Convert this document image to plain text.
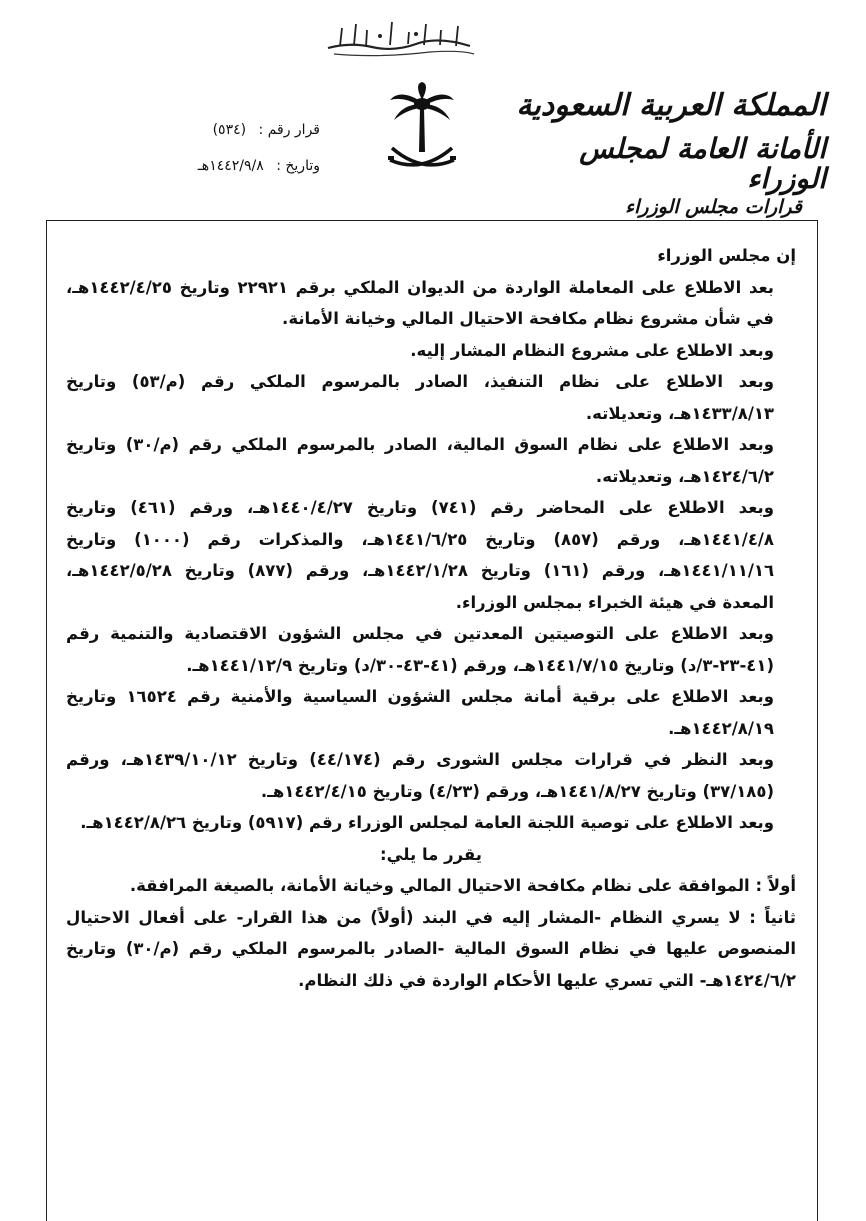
المملكة العربية السعودية
الأمانة العامة لمجلس الوزراء
قرار رقم : (٥٣٤)
وتاريخ : ١٤٤٢/٩/٨هـ
قرارات مجلس الوزراء

إن مجلس الوزراء

بعد الاطلاع على المعاملة الواردة من الديوان الملكي برقم ٢٢٩٢١ وتاريخ ١٤٤٢/٤/٢٥هـ، في شأن مشروع نظام مكافحة الاحتيال المالي وخيانة الأمانة.

وبعد الاطلاع على مشروع النظام المشار إليه.

وبعد الاطلاع على نظام التنفيذ، الصادر بالمرسوم الملكي رقم (م/٥٣) وتاريخ ١٤٣٣/٨/١٣هـ، وتعديلاته.

وبعد الاطلاع على نظام السوق المالية، الصادر بالمرسوم الملكي رقم (م/٣٠) وتاريخ ١٤٢٤/٦/٢هـ، وتعديلاته.

وبعد الاطلاع على المحاضر رقم (٧٤١) وتاريخ ١٤٤٠/٤/٢٧هـ، ورقم (٤٦١) وتاريخ ١٤٤١/٤/٨هـ، ورقم (٨٥٧) وتاريخ ١٤٤١/٦/٢٥هـ، والمذكرات رقم (١٠٠٠) وتاريخ ١٤٤١/١١/١٦هـ، ورقم (١٦١) وتاريخ ١٤٤٢/١/٢٨هـ، ورقم (٨٧٧) وتاريخ ١٤٤٢/٥/٢٨هـ، المعدة في هيئة الخبراء بمجلس الوزراء.

وبعد الاطلاع على التوصيتين المعدتين في مجلس الشؤون الاقتصادية والتنمية رقم (٤١-٢٣-٣/د) وتاريخ ١٤٤١/٧/١٥هـ، ورقم (٤١-٤٣-٣٠/د) وتاريخ ١٤٤١/١٢/٩هـ.

وبعد الاطلاع على برقية أمانة مجلس الشؤون السياسية والأمنية رقم ١٦٥٢٤ وتاريخ ١٤٤٢/٨/١٩هـ.

وبعد النظر في قرارات مجلس الشورى رقم (٤٤/١٧٤) وتاريخ ١٤٣٩/١٠/١٢هـ، ورقم (٣٧/١٨٥) وتاريخ ١٤٤١/٨/٢٧هـ، ورقم (٤/٢٣) وتاريخ ١٤٤٢/٤/١٥هـ.

وبعد الاطلاع على توصية اللجنة العامة لمجلس الوزراء رقم (٥٩١٧) وتاريخ ١٤٤٢/٨/٢٦هـ.

يقرر ما يلي:

أولاً : الموافقة على نظام مكافحة الاحتيال المالي وخيانة الأمانة، بالصيغة المرافقة.

ثانياً : لا يسري النظام -المشار إليه في البند (أولاً) من هذا القرار- على أفعال الاحتيال المنصوص عليها في نظام السوق المالية -الصادر بالمرسوم الملكي رقم (م/٣٠) وتاريخ ١٤٢٤/٦/٢هـ- التي تسري عليها الأحكام الواردة في ذلك النظام.
